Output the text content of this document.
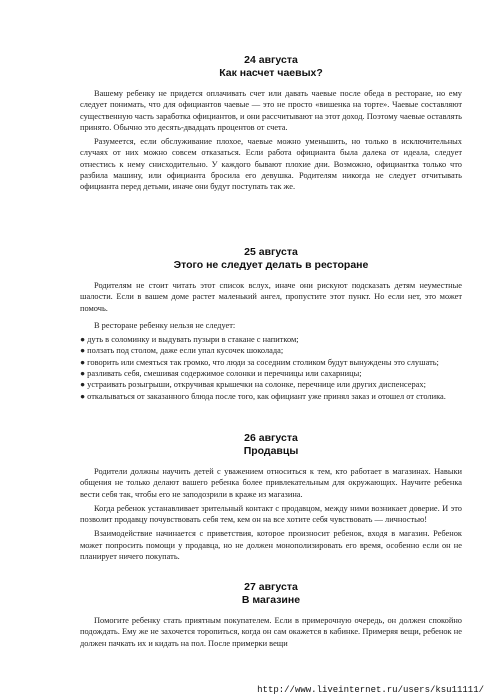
24 августа

Как насчет чаевых?

Вашему ребенку не придется оплачивать счет или давать чаевые после обеда в ресторане, но ему следует понимать, что для официантов чаевые — это не просто «вишенка на торте». Чаевые составляют существенную часть заработка официантов, и они рассчитывают на этот доход. Поэтому чаевые оставлять принято. Обычно это десять-двадцать процентов от счета.

Разумеется, если обслуживание плохое, чаевые можно уменьшить, но только в исключительных случаях от них можно совсем отказаться. Если работа официанта была далека от идеала, следует отнестись к нему снисходительно. У каждого бывают плохие дни. Возможно, официантка только что разбила машину, или официанта бросила его девушка. Родителям никогда не следует отчитывать официанта перед детьми, иначе они будут поступать так же.

25 августа

Этого не следует делать в ресторане

Родителям не стоит читать этот список вслух, иначе они рискуют подсказать детям неуместные шалости. Если в вашем доме растет маленький ангел, пропустите этот пункт. Но если нет, это может помочь.

В ресторане ребенку нельзя не следует:

● дуть в соломинку и выдувать пузыри в стакане с напитком;

● ползать под столом, даже если упал кусочек шоколада;

● говорить или смеяться так громко, что люди за соседним столиком будут вынуждены это слушать;

● разливать себя, смешивая содержимое солонки и перечницы или сахарницы;

● устраивать розыгрыши, откручивая крышечки на солонке, перечнице или других диспенсерах;

● откалываться от заказанного блюда после того, как официант уже принял заказ и отошел от столика.

26 августа

Продавцы

Родители должны научить детей с уважением относиться к тем, кто работает в магазинах. Навыки общения не только делают вашего ребенка более привлекательным для окружающих. Научите ребенка вести себя так, чтобы его не заподозрили в краже из магазина.

Когда ребенок устанавливает зрительный контакт с продавцом, между ними возникает доверие. И это позволит продавцу почувствовать себя тем, кем он на все хотите себя чувствовать — личностью!

Взаимодействие начинается с приветствия, которое произносит ребенок, входя в магазин. Ребенок может попросить помощи у продавца, но не должен монополизировать его время, особенно если он не планирует ничего покупать.

27 августа

В магазине

Помогите ребенку стать приятным покупателем. Если в примерочную очередь, он должен спокойно подождать. Ему же не захочется торопиться, когда он сам окажется в кабинке. Примеряя вещи, ребенок не должен пачкать их и кидать на пол. После примерки вещи

http://www.liveinternet.ru/users/ksu11111/
